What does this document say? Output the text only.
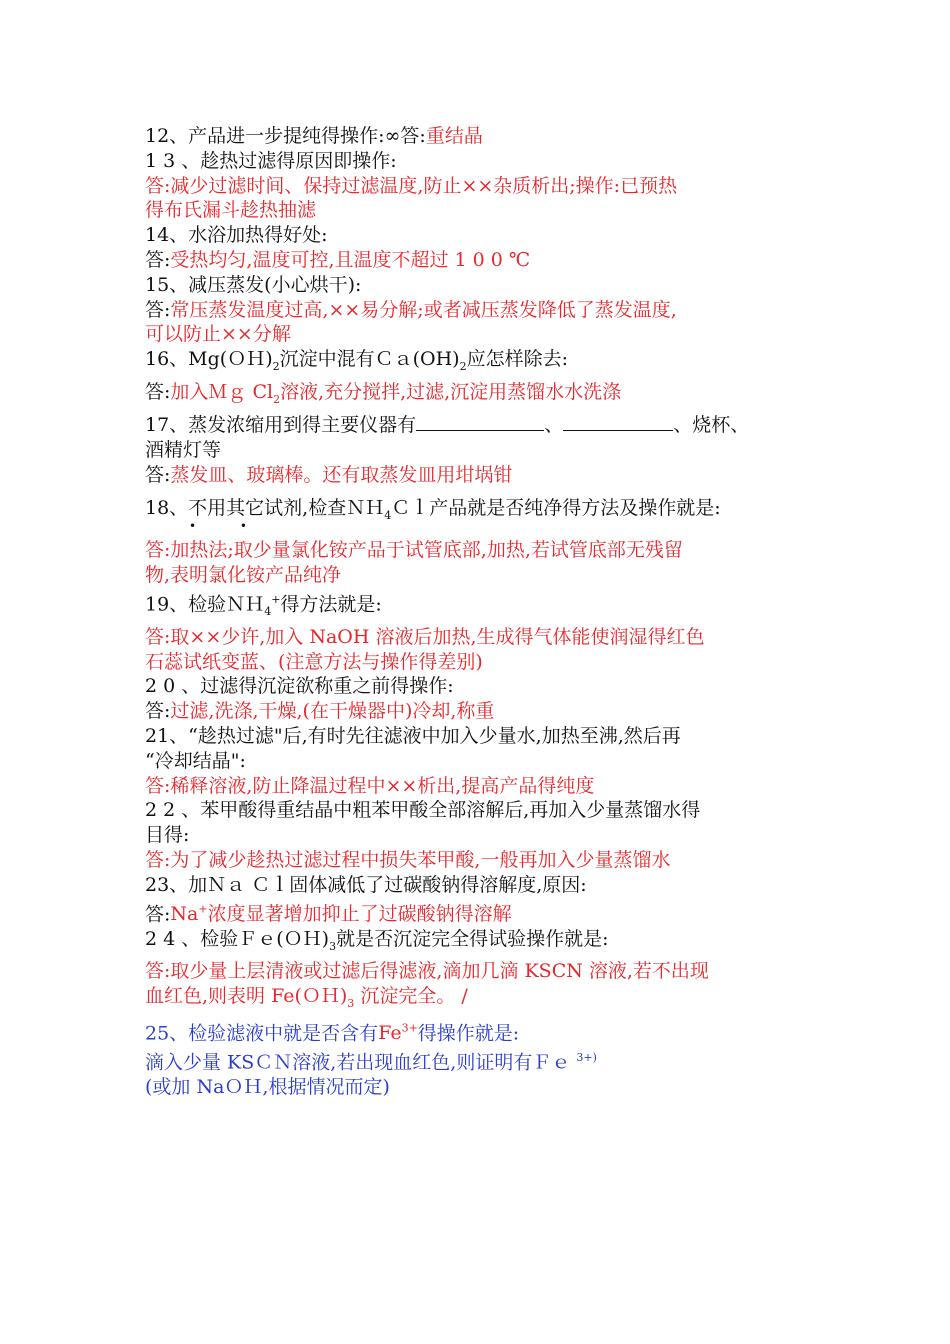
12、产品进一步提纯得操作:∞答:重结晶
1 3 、趁热过滤得原因即操作:
答:减少过滤时间、保持过滤温度,防止××杂质析出;操作:已预热
得布氏漏斗趁热抽滤
14、水浴加热得好处:
答:受热均匀,温度可控,且温度不超过 1 0 0 ℃
15、减压蒸发(小心烘干):
答:常压蒸发温度过高,××易分解;或者减压蒸发降低了蒸发温度,
可以防止××分解
16、$Mg(OH)_2$沉淀中混有$Ca(OH)_2$应怎样除去:
答:加入Ｍｇ $Cl_2$溶液,充分搅拌,过滤,沉淀用蒸馏水水洗涤
17、蒸发浓缩用到得主要仪器有	、	、烧杯、
酒精灯等
答:蒸发皿、玻璃棒。还有取蒸发皿用坩埚钳
18、不用其它试剂,检查ＮＨ$_4$Ｃｌ产品就是否纯净得方法及操作就是:
• •
答:加热法;取少量氯化铵产品于试管底部,加热,若试管底部无残留
物,表明氯化铵产品纯净
19、检验ＮＨ$_4$+得方法就是:
答:取××少许,加入 NaOH 溶液后加热,生成得气体能使润湿得红色
石蕊试纸变蓝、(注意方法与操作得差别)
2 0 、过滤得沉淀欲称重之前得操作:
答:过滤,洗涤,干燥,(在干燥器中)冷却,称重
21、“趁热过滤"后,有时先往滤液中加入少量水,加热至沸,然后再
“冷却结晶":
答:稀释溶液,防止降温过程中××析出,提高产品得纯度
2 2 、苯甲酸得重结晶中粗苯甲酸全部溶解后,再加入少量蒸馏水得
目得:
答:为了减少趁热过滤过程中损失苯甲酸,一般再加入少量蒸馏水
23、加Ｎａ Ｃｌ固体减低了过碳酸钠得溶解度,原因:
答:Na+浓度显著增加抑止了过碳酸钠得溶解
2 4 、检验$Fe(OH)_3$就是否沉淀完全得试验操作就是:
答:取少量上层清液或过滤后得滤液,滴加几滴 KSCN 溶液,若不出现
血红色,则表明 $Fe(OH)_3$ 沉淀完全。 /
25、检验滤液中就是否含有$Fe^{3+}$得操作就是:
滴入少量 KSＣＮ溶液,若出现血红色,则证明有Ｆｅ $^{3+)}$
(或加 NaＯＨ,根据情况而定)
